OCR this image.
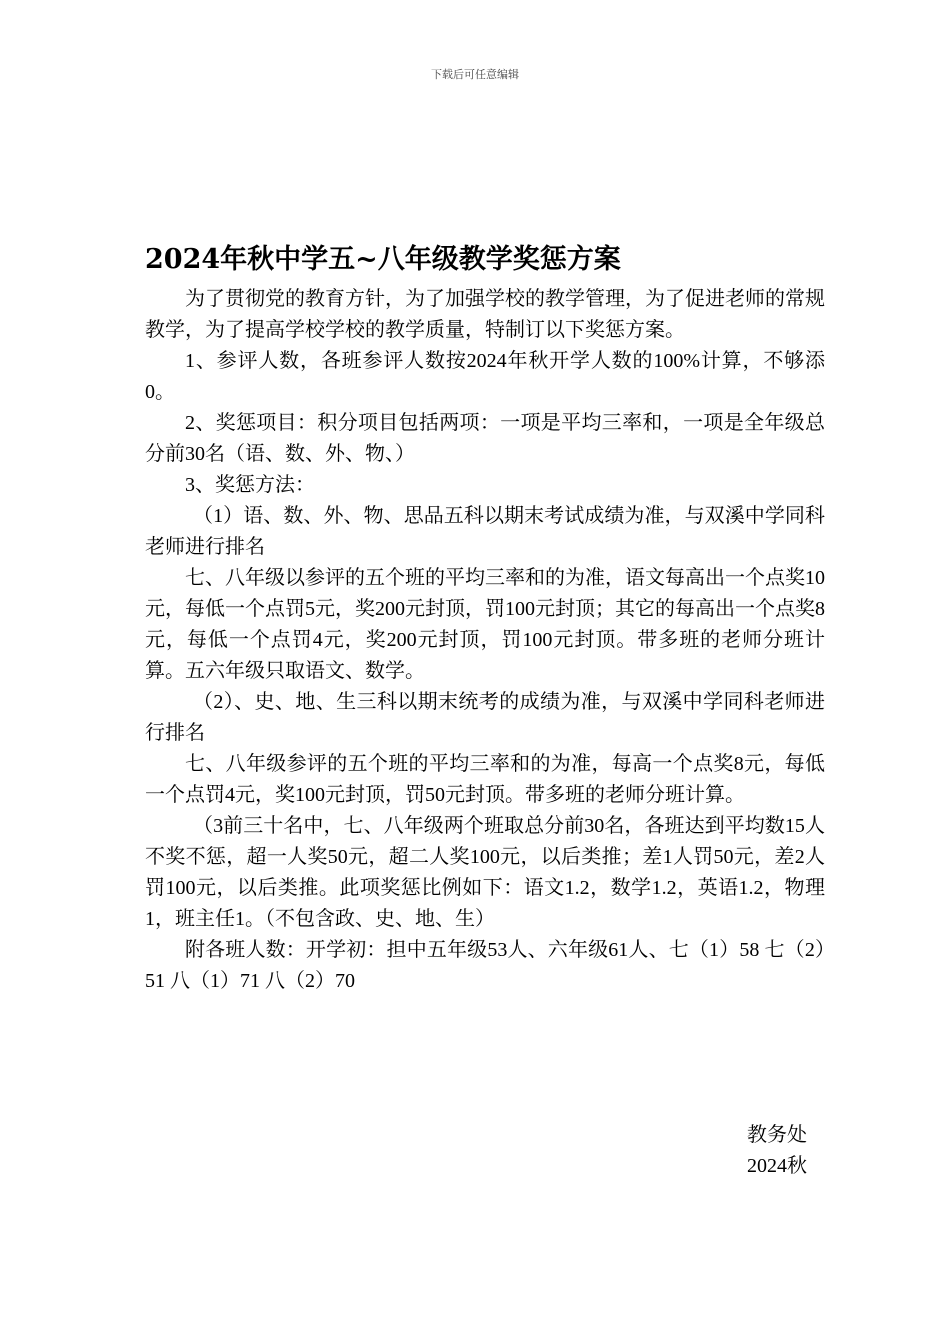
下载后可任意编辑
2024年秋中学五~八年级教学奖惩方案

为了贯彻党的教育方针，为了加强学校的教学管理，为了促进老师的常规教学，为了提高学校学校的教学质量，特制订以下奖惩方案。

1、参评人数，各班参评人数按2024年秋开学人数的100%计算，不够添0。

2、奖惩项目：积分项目包括两项：一项是平均三率和，一项是全年级总分前30名（语、数、外、物、）

3、奖惩方法：

（1）语、数、外、物、思品五科以期末考试成绩为准，与双溪中学同科老师进行排名

七、八年级以参评的五个班的平均三率和的为准，语文每高出一个点奖10元，每低一个点罚5元，奖200元封顶，罚100元封顶；其它的每高出一个点奖8元，每低一个点罚4元，奖200元封顶，罚100元封顶。带多班的老师分班计算。五六年级只取语文、数学。

（2）、史、地、生三科以期末统考的成绩为准，与双溪中学同科老师进行排名

七、八年级参评的五个班的平均三率和的为准，每高一个点奖8元，每低一个点罚4元，奖100元封顶，罚50元封顶。带多班的老师分班计算。

（3前三十名中，七、八年级两个班取总分前30名，各班达到平均数15人不奖不惩，超一人奖50元，超二人奖100元，以后类推；差1人罚50元，差2人罚100元，以后类推。此项奖惩比例如下：语文1.2，数学1.2，英语1.2，物理1，班主任1。（不包含政、史、地、生）

附各班人数：开学初：担中五年级53人、六年级61人、七（1）58 七（2）51 八（1）71 八（2）70

教务处
2024秋
